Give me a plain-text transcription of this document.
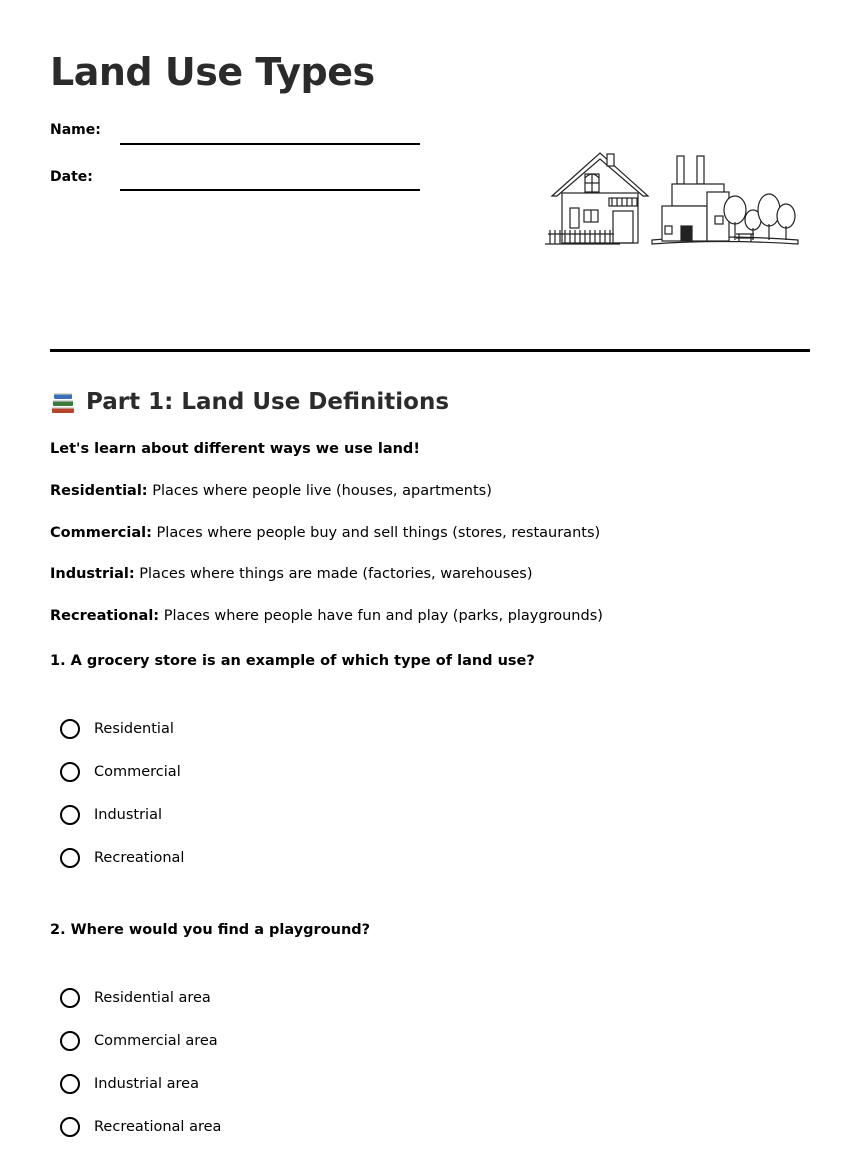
Land Use Types
Name:
Date:
Part 1: Land Use Definitions
Let's learn about different ways we use land!
Residential: Places where people live (houses, apartments)
Commercial: Places where people buy and sell things (stores, restaurants)
Industrial: Places where things are made (factories, warehouses)
Recreational: Places where people have fun and play (parks, playgrounds)
1. A grocery store is an example of which type of land use?
Residential
Commercial
Industrial
Recreational
2. Where would you find a playground?
Residential area
Commercial area
Industrial area
Recreational area
